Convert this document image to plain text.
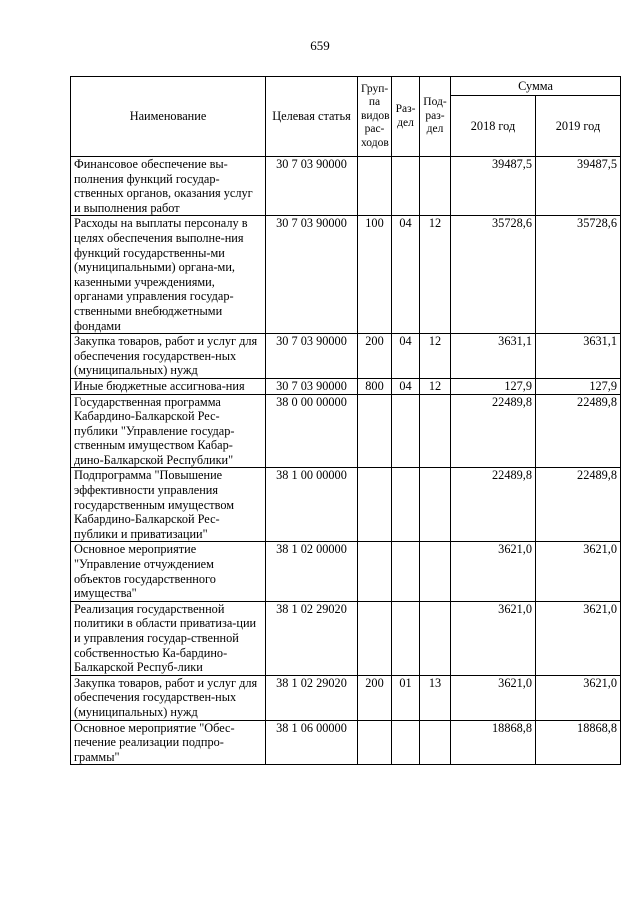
659
Наименование	Целевая статья	Груп-па видов рас-ходов	Раз-дел	Под-раз-дел	Сумма	
					2018 год	2019 год
Финансовое обеспечение вы-полнения функций государ-ственных органов, оказания услуг и выполнения работ	30 7 03 90000				39487,5	39487,5
Расходы на выплаты персоналу в целях обеспечения выполне-ния функций государственны-ми (муниципальными) органа-ми, казенными учреждениями, органами управления государ-ственными внебюджетными фондами	30 7 03 90000	100	04	12	35728,6	35728,6
Закупка товаров, работ и услуг для обеспечения государствен-ных (муниципальных) нужд	30 7 03 90000	200	04	12	3631,1	3631,1
Иные бюджетные ассигнова-ния	30 7 03 90000	800	04	12	127,9	127,9
Государственная программа Кабардино-Балкарской Рес-публики "Управление государ-ственным имуществом Кабар-дино-Балкарской Республики"	38 0 00 00000				22489,8	22489,8
Подпрограмма "Повышение эффективности управления государственным имуществом Кабардино-Балкарской Рес-публики и приватизации"	38 1 00 00000				22489,8	22489,8
Основное мероприятие "Управление отчуждением объектов государственного имущества"	38 1 02 00000				3621,0	3621,0
Реализация государственной политики в области приватиза-ции и управления государ-ственной собственностью Ка-бардино-Балкарской Респуб-лики	38 1 02 29020				3621,0	3621,0
Закупка товаров, работ и услуг для обеспечения государствен-ных (муниципальных) нужд	38 1 02 29020	200	01	13	3621,0	3621,0
Основное мероприятие "Обес-печение реализации подпро-граммы"	38 1 06 00000				18868,8	18868,8
